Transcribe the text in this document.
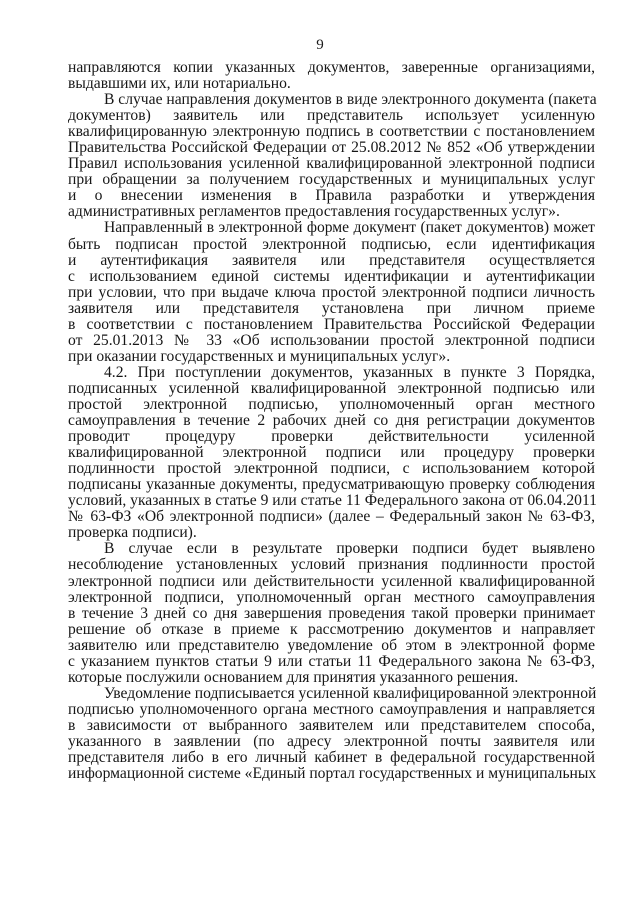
9
направляются копии указанных документов, заверенные организациями,
выдавшими их, или нотариально.
В случае направления документов в виде электронного документа (пакета
документов) заявитель или представитель использует усиленную
квалифицированную электронную подпись в соответствии с постановлением
Правительства Российской Федерации от 25.08.2012 № 852 «Об утверждении
Правил использования усиленной квалифицированной электронной подписи
при обращении за получением государственных и муниципальных услуг
и о внесении изменения в Правила разработки и утверждения
административных регламентов предоставления государственных услуг».
Направленный в электронной форме документ (пакет документов) может
быть подписан простой электронной подписью, если идентификация
и аутентификация заявителя или представителя осуществляется
с использованием единой системы идентификации и аутентификации
при условии, что при выдаче ключа простой электронной подписи личность
заявителя или представителя установлена при личном приеме
в соответствии с постановлением Правительства Российской Федерации
от 25.01.2013 № 33 «Об использовании простой электронной подписи
при оказании государственных и муниципальных услуг».
4.2. При поступлении документов, указанных в пункте 3 Порядка,
подписанных усиленной квалифицированной электронной подписью или
простой электронной подписью, уполномоченный орган местного
самоуправления в течение 2 рабочих дней со дня регистрации документов
проводит процедуру проверки действительности усиленной
квалифицированной электронной подписи или процедуру проверки
подлинности простой электронной подписи, с использованием которой
подписаны указанные документы, предусматривающую проверку соблюдения
условий, указанных в статье 9 или статье 11 Федерального закона от 06.04.2011
№ 63-ФЗ «Об электронной подписи» (далее – Федеральный закон № 63-ФЗ,
проверка подписи).
В случае если в результате проверки подписи будет выявлено
несоблюдение установленных условий признания подлинности простой
электронной подписи или действительности усиленной квалифицированной
электронной подписи, уполномоченный орган местного самоуправления
в течение 3 дней со дня завершения проведения такой проверки принимает
решение об отказе в приеме к рассмотрению документов и направляет
заявителю или представителю уведомление об этом в электронной форме
с указанием пунктов статьи 9 или статьи 11 Федерального закона № 63-ФЗ,
которые послужили основанием для принятия указанного решения.
Уведомление подписывается усиленной квалифицированной электронной
подписью уполномоченного органа местного самоуправления и направляется
в зависимости от выбранного заявителем или представителем способа,
указанного в заявлении (по адресу электронной почты заявителя или
представителя либо в его личный кабинет в федеральной государственной
информационной системе «Единый портал государственных и муниципальных
